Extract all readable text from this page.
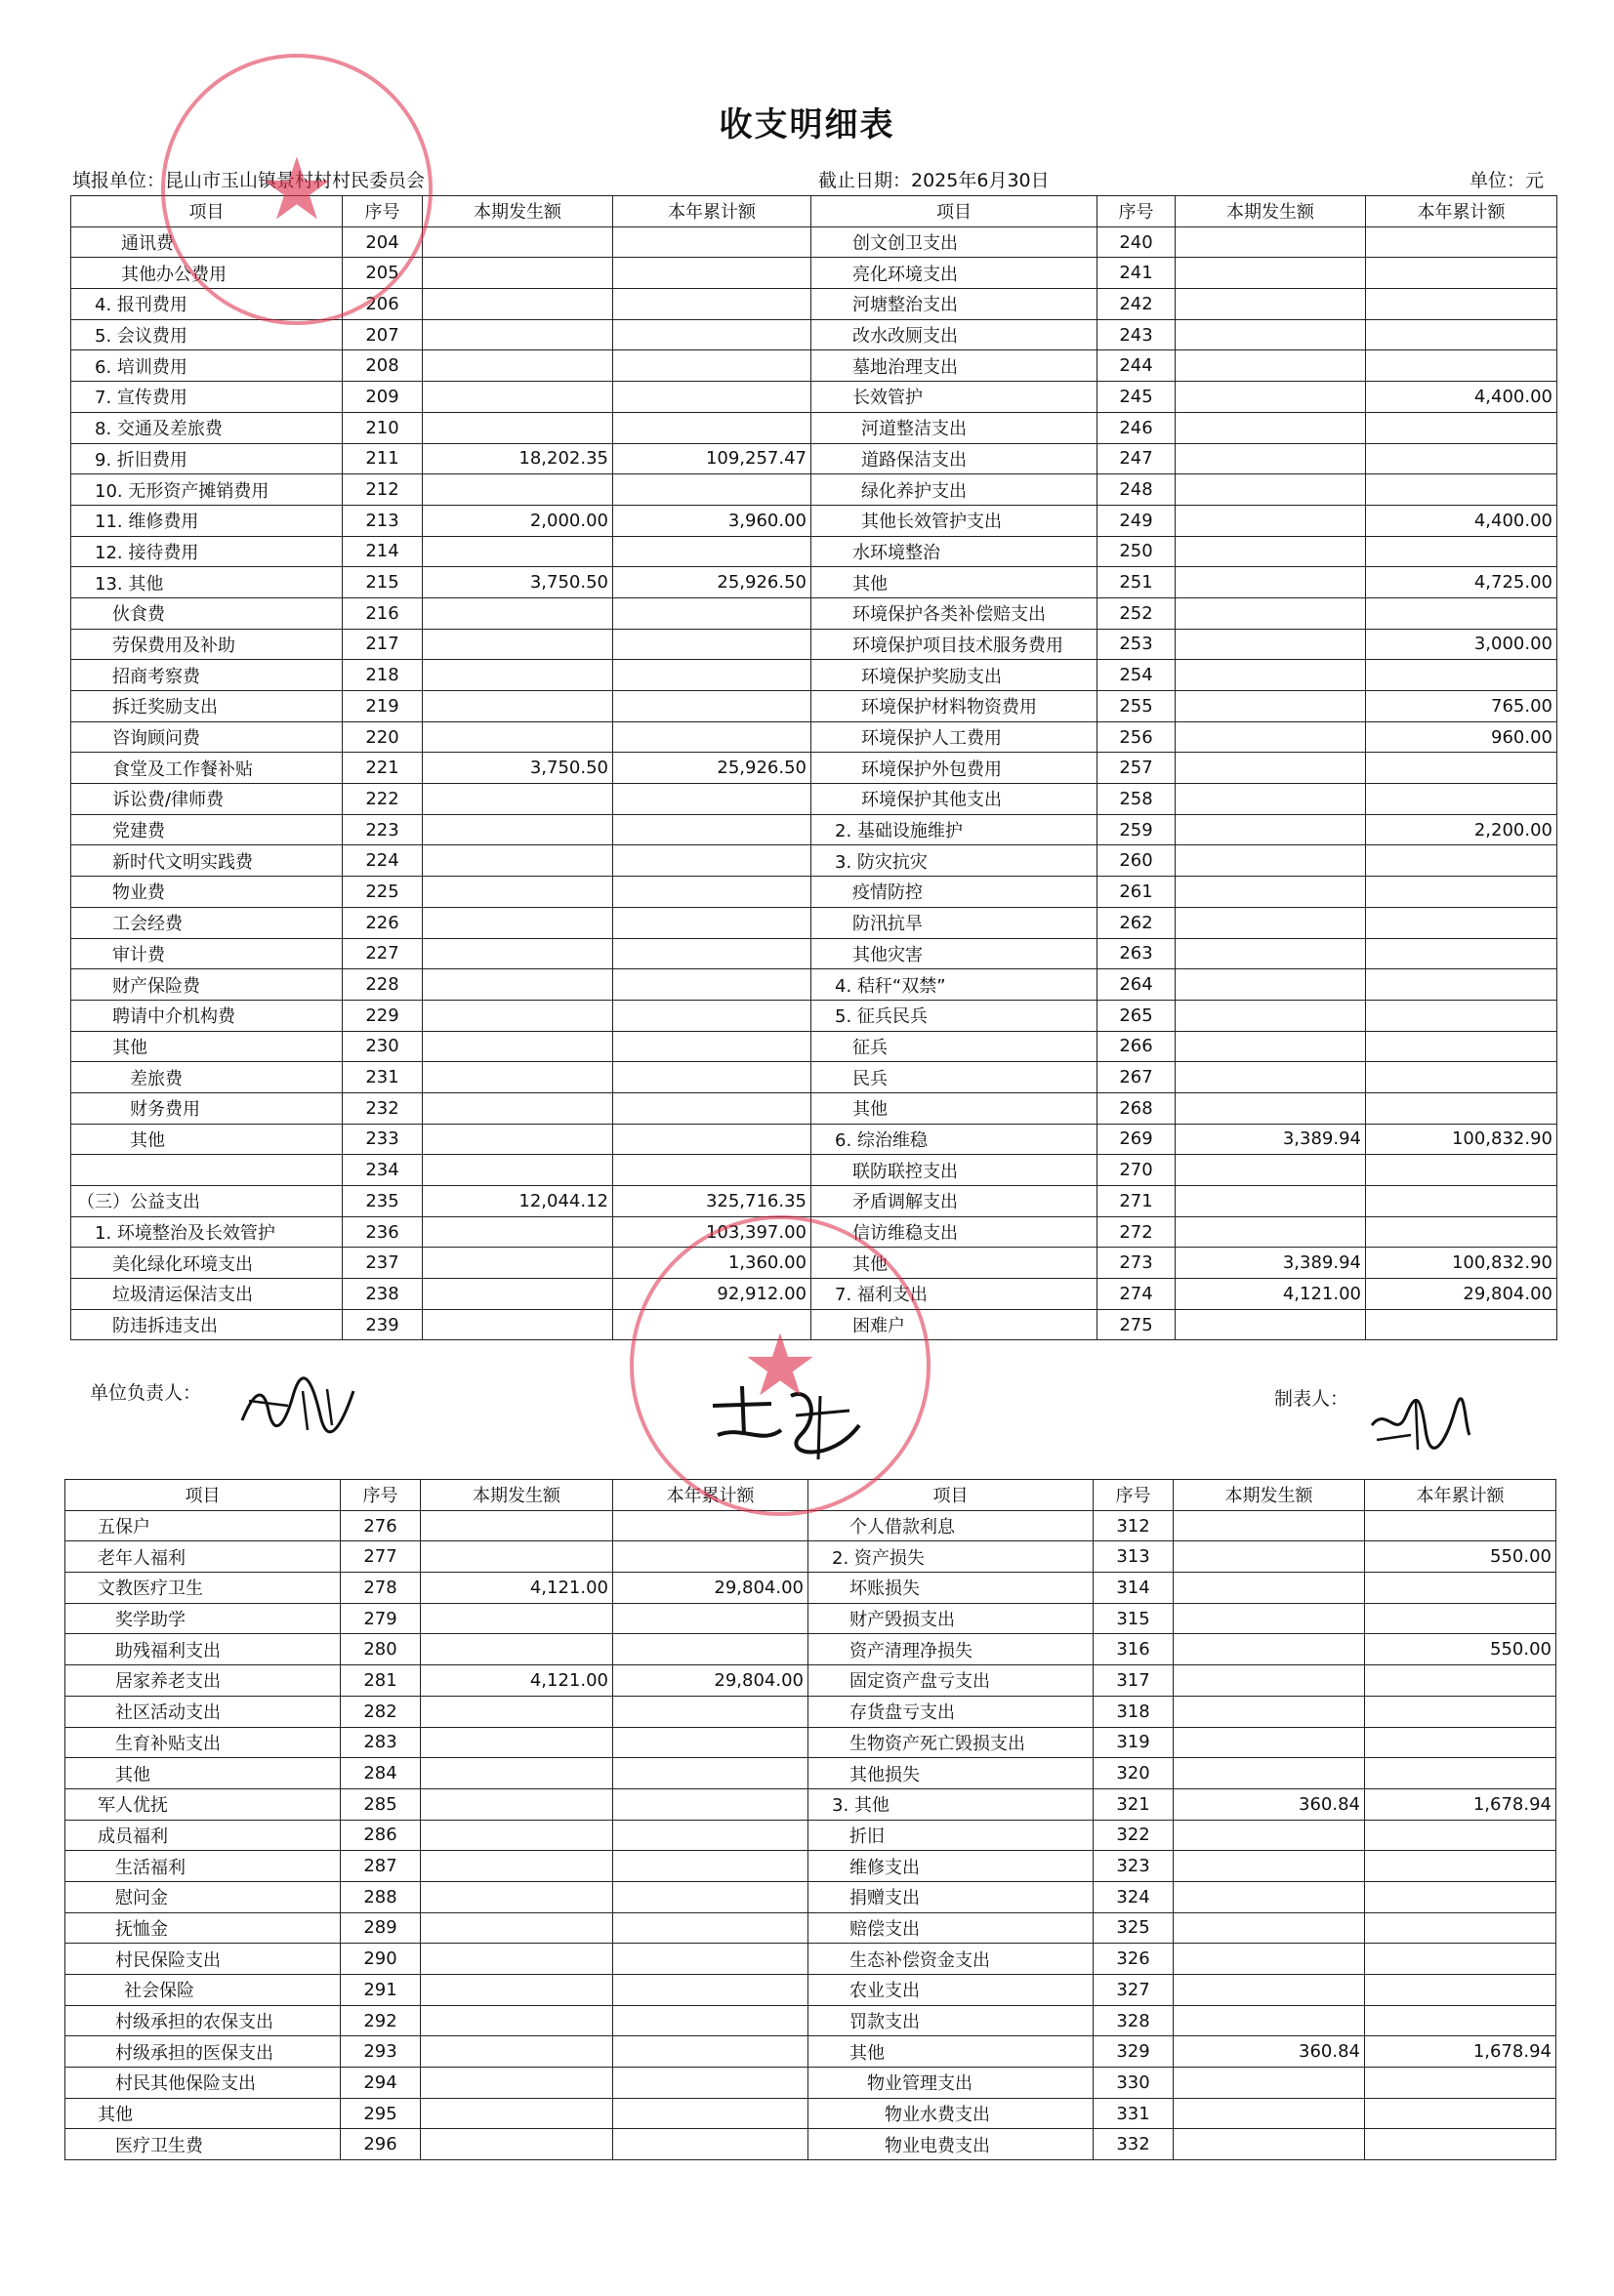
收支明细表
填报单位：昆山市玉山镇景村村村民委员会	截止日期：2025年6月30日	单位：元
项目	序号	本期发生额	本年累计额	项目	序号	本期发生额	本年累计额
通讯费	204			创文创卫支出	240		
其他办公费用	205			亮化环境支出	241		
4. 报刊费用	206			河塘整治支出	242		
5. 会议费用	207			改水改厕支出	243		
6. 培训费用	208			墓地治理支出	244		
7. 宣传费用	209			长效管护	245		4,400.00
8. 交通及差旅费	210			河道整洁支出	246		
9. 折旧费用	211	18,202.35	109,257.47	道路保洁支出	247		
10. 无形资产摊销费用	212			绿化养护支出	248		
11. 维修费用	213	2,000.00	3,960.00	其他长效管护支出	249		4,400.00
12. 接待费用	214			水环境整治	250		
13. 其他	215	3,750.50	25,926.50	其他	251		4,725.00
伙食费	216			环境保护各类补偿赔支出	252		
劳保费用及补助	217			环境保护项目技术服务费用	253		3,000.00
招商考察费	218			环境保护奖励支出	254		
拆迁奖励支出	219			环境保护材料物资费用	255		765.00
咨询顾问费	220			环境保护人工费用	256		960.00
食堂及工作餐补贴	221	3,750.50	25,926.50	环境保护外包费用	257		
诉讼费/律师费	222			环境保护其他支出	258		
党建费	223			2. 基础设施维护	259		2,200.00
新时代文明实践费	224			3. 防灾抗灾	260		
物业费	225			疫情防控	261		
工会经费	226			防汛抗旱	262		
审计费	227			其他灾害	263		
财产保险费	228			4. 秸秆“双禁”	264		
聘请中介机构费	229			5. 征兵民兵	265		
其他	230			征兵	266		
差旅费	231			民兵	267		
财务费用	232			其他	268		
其他	233			6. 综治维稳	269	3,389.94	100,832.90
	234			联防联控支出	270		
（三）公益支出	235	12,044.12	325,716.35	矛盾调解支出	271		
1. 环境整治及长效管护	236		103,397.00	信访维稳支出	272		
美化绿化环境支出	237		1,360.00	其他	273	3,389.94	100,832.90
垃圾清运保洁支出	238		92,912.00	7. 福利支出	274	4,121.00	29,804.00
防违拆违支出	239			困难户	275		
单位负责人：	制表人：
项目	序号	本期发生额	本年累计额	项目	序号	本期发生额	本年累计额
五保户	276			个人借款利息	312		
老年人福利	277			2. 资产损失	313		550.00
文教医疗卫生	278	4,121.00	29,804.00	坏账损失	314		
奖学助学	279			财产毁损支出	315		
助残福利支出	280			资产清理净损失	316		550.00
居家养老支出	281	4,121.00	29,804.00	固定资产盘亏支出	317		
社区活动支出	282			存货盘亏支出	318		
生育补贴支出	283			生物资产死亡毁损支出	319		
其他	284			其他损失	320		
军人优抚	285			3. 其他	321	360.84	1,678.94
成员福利	286			折旧	322		
生活福利	287			维修支出	323		
慰问金	288			捐赠支出	324		
抚恤金	289			赔偿支出	325		
村民保险支出	290			生态补偿资金支出	326		
社会保险	291			农业支出	327		
村级承担的农保支出	292			罚款支出	328		
村级承担的医保支出	293			其他	329	360.84	1,678.94
村民其他保险支出	294			物业管理支出	330		
其他	295			物业水费支出	331		
医疗卫生费	296			物业电费支出	332		
★
★
